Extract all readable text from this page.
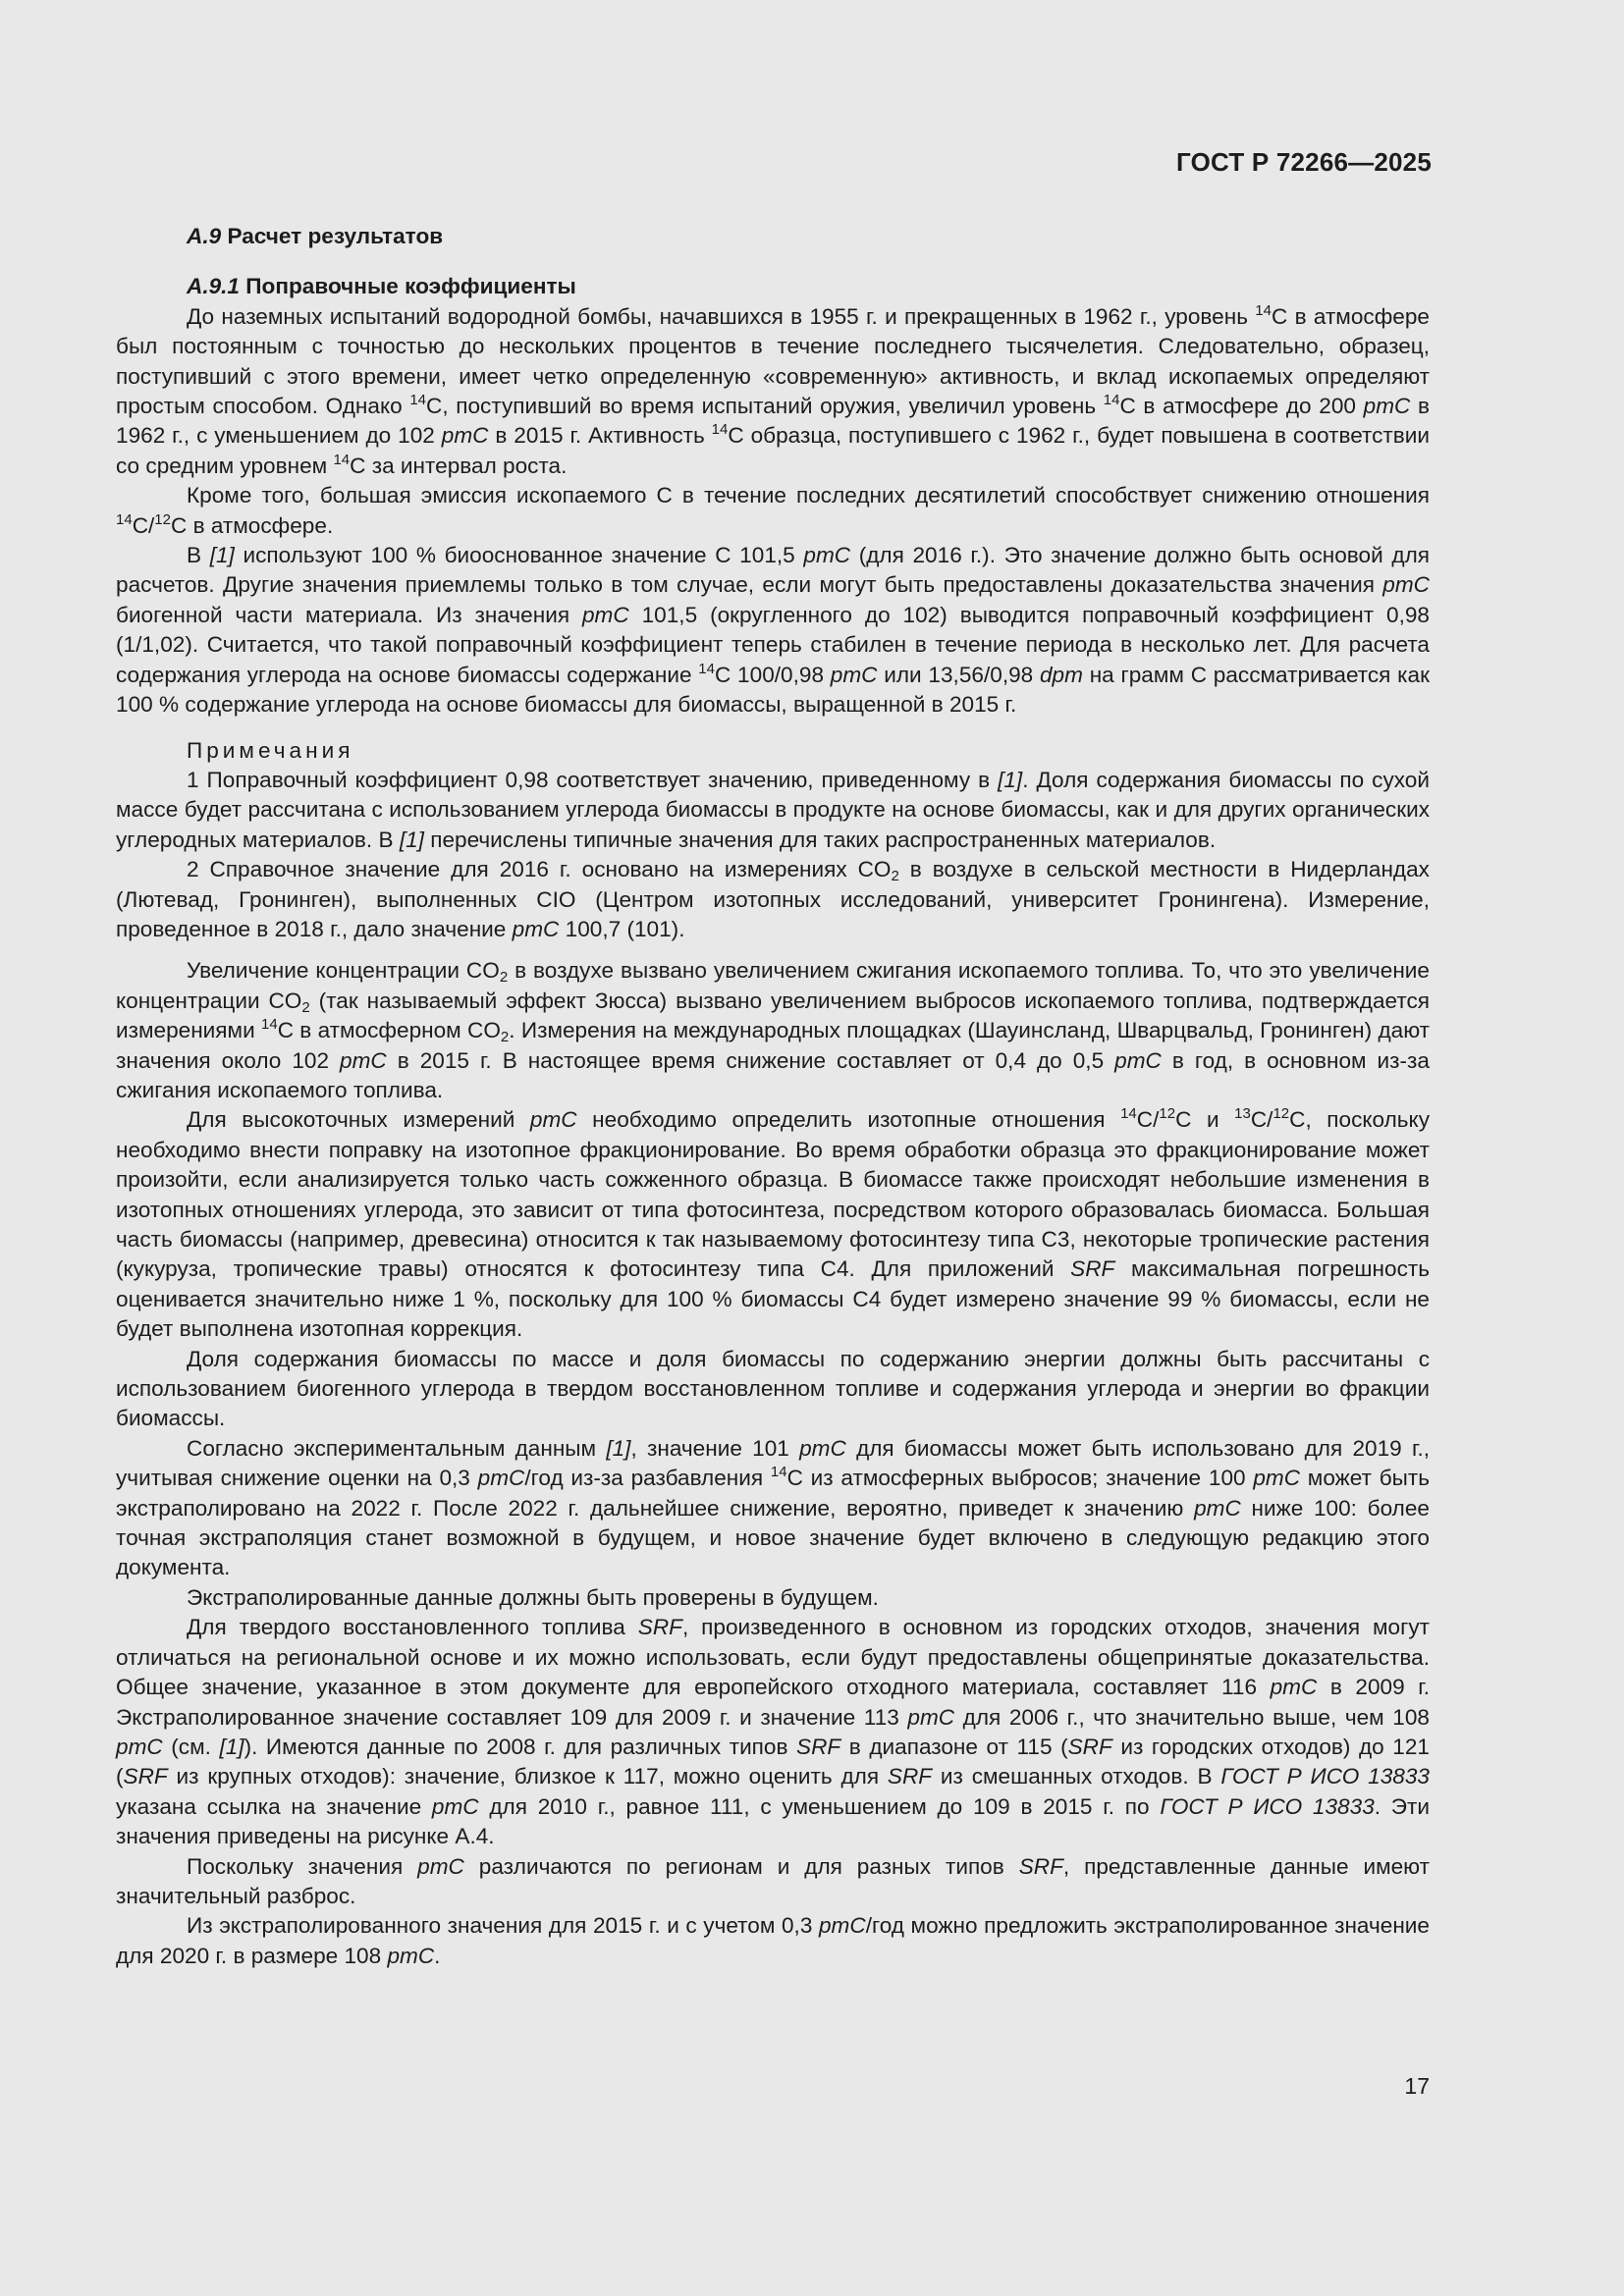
ГОСТ Р 72266—2025

А.9 Расчет результатов

А.9.1 Поправочные коэффициенты

До наземных испытаний водородной бомбы, начавшихся в 1955 г. и прекращенных в 1962 г., уровень $^{14}$C в атмосфере был постоянным с точностью до нескольких процентов в течение последнего тысячелетия. Следовательно, образец, поступивший с этого времени, имеет четко определенную «современную» активность, и вклад ископаемых определяют простым способом. Однако $^{14}$C, поступивший во время испытаний оружия, увеличил уровень $^{14}$C в атмосфере до 200 pmC в 1962 г., с уменьшением до 102 pmC в 2015 г. Активность $^{14}$C образца, поступившего с 1962 г., будет повышена в соответствии со средним уровнем $^{14}$C за интервал роста.

Кроме того, большая эмиссия ископаемого C в течение последних десятилетий способствует снижению отношения $^{14}$C/$^{12}$C в атмосфере.

В [1] используют 100 % биооснованное значение C 101,5 pmC (для 2016 г.). Это значение должно быть основой для расчетов. Другие значения приемлемы только в том случае, если могут быть предоставлены доказательства значения pmC биогенной части материала. Из значения pmC 101,5 (округленного до 102) выводится поправочный коэффициент 0,98 (1/1,02). Считается, что такой поправочный коэффициент теперь стабилен в течение периода в несколько лет. Для расчета содержания углерода на основе биомассы содержание $^{14}$C 100/0,98 pmC или 13,56/0,98 dpm на грамм C рассматривается как 100 % содержание углерода на основе биомассы для биомассы, выращенной в 2015 г.

Примечания

1 Поправочный коэффициент 0,98 соответствует значению, приведенному в [1]. Доля содержания биомассы по сухой массе будет рассчитана с использованием углерода биомассы в продукте на основе биомассы, как и для других органических углеродных материалов. В [1] перечислены типичные значения для таких распространенных материалов.

2 Справочное значение для 2016 г. основано на измерениях $CO_2$ в воздухе в сельской местности в Нидерландах (Лютевад, Гронинген), выполненных CIO (Центром изотопных исследований, университет Гронингена). Измерение, проведенное в 2018 г., дало значение pmC 100,7 (101).

Увеличение концентрации $CO_2$ в воздухе вызвано увеличением сжигания ископаемого топлива. То, что это увеличение концентрации $CO_2$ (так называемый эффект Зюсса) вызвано увеличением выбросов ископаемого топлива, подтверждается измерениями $^{14}$C в атмосферном $CO_2$. Измерения на международных площадках (Шауинсланд, Шварцвальд, Гронинген) дают значения около 102 pmC в 2015 г. В настоящее время снижение составляет от 0,4 до 0,5 pmC в год, в основном из-за сжигания ископаемого топлива.

Для высокоточных измерений pmC необходимо определить изотопные отношения $^{14}$C/$^{12}$C и $^{13}$C/$^{12}$C, поскольку необходимо внести поправку на изотопное фракционирование. Во время обработки образца это фракционирование может произойти, если анализируется только часть сожженного образца. В биомассе также происходят небольшие изменения в изотопных отношениях углерода, это зависит от типа фотосинтеза, посредством которого образовалась биомасса. Большая часть биомассы (например, древесина) относится к так называемому фотосинтезу типа C3, некоторые тропические растения (кукуруза, тропические травы) относятся к фотосинтезу типа C4. Для приложений SRF максимальная погрешность оценивается значительно ниже 1 %, поскольку для 100 % биомассы C4 будет измерено значение 99 % биомассы, если не будет выполнена изотопная коррекция.

Доля содержания биомассы по массе и доля биомассы по содержанию энергии должны быть рассчитаны с использованием биогенного углерода в твердом восстановленном топливе и содержания углерода и энергии во фракции биомассы.

Согласно экспериментальным данным [1], значение 101 pmC для биомассы может быть использовано для 2019 г., учитывая снижение оценки на 0,3 pmC/год из-за разбавления $^{14}$C из атмосферных выбросов; значение 100 pmC может быть экстраполировано на 2022 г. После 2022 г. дальнейшее снижение, вероятно, приведет к значению pmC ниже 100: более точная экстраполяция станет возможной в будущем, и новое значение будет включено в следующую редакцию этого документа.

Экстраполированные данные должны быть проверены в будущем.

Для твердого восстановленного топлива SRF, произведенного в основном из городских отходов, значения могут отличаться на региональной основе и их можно использовать, если будут предоставлены общепринятые доказательства. Общее значение, указанное в этом документе для европейского отходного материала, составляет 116 pmC в 2009 г. Экстраполированное значение составляет 109 для 2009 г. и значение 113 pmC для 2006 г., что значительно выше, чем 108 pmC (см. [1]). Имеются данные по 2008 г. для различных типов SRF в диапазоне от 115 (SRF из городских отходов) до 121 (SRF из крупных отходов): значение, близкое к 117, можно оценить для SRF из смешанных отходов. В ГОСТ Р ИСО 13833 указана ссылка на значение pmC для 2010 г., равное 111, с уменьшением до 109 в 2015 г. по ГОСТ Р ИСО 13833. Эти значения приведены на рисунке А.4.

Поскольку значения pmC различаются по регионам и для разных типов SRF, представленные данные имеют значительный разброс.

Из экстраполированного значения для 2015 г. и с учетом 0,3 pmC/год можно предложить экстраполированное значение для 2020 г. в размере 108 pmC.

17
